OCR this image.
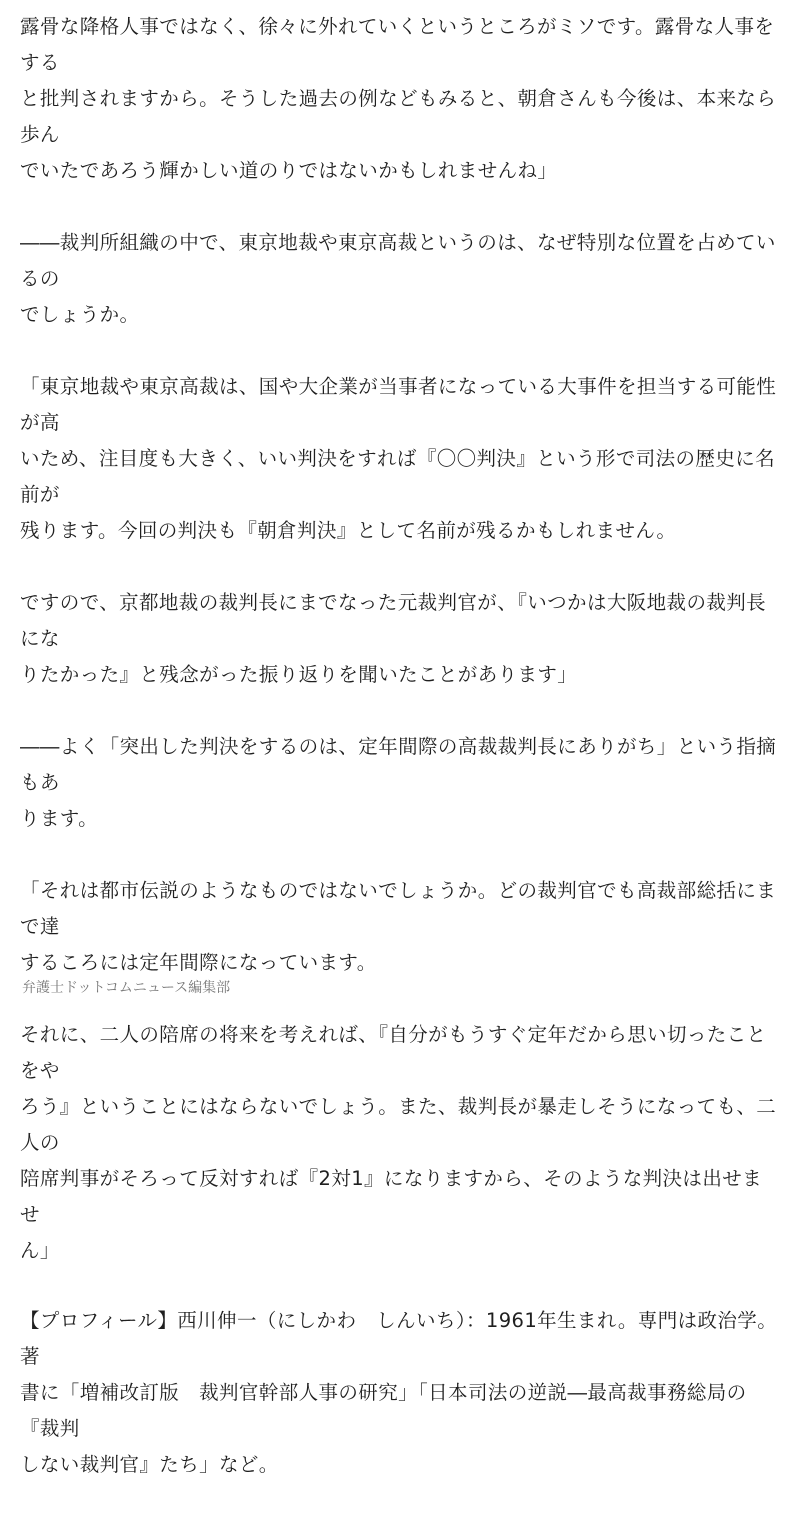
露骨な降格人事ではなく、徐々に外れていくというところがミソです。露骨な人事をする
と批判されますから。そうした過去の例などもみると、朝倉さんも今後は、本来なら歩ん
でいたであろう輝かしい道のりではないかもしれませんね」

――裁判所組織の中で、東京地裁や東京高裁というのは、なぜ特別な位置を占めているの
でしょうか。

「東京地裁や東京高裁は、国や大企業が当事者になっている大事件を担当する可能性が高
いため、注目度も大きく、いい判決をすれば『〇〇判決』という形で司法の歴史に名前が
残ります。今回の判決も『朝倉判決』として名前が残るかもしれません。

ですので、京都地裁の裁判長にまでなった元裁判官が、『いつかは大阪地裁の裁判長にな
りたかった』と残念がった振り返りを聞いたことがあります」

――よく「突出した判決をするのは、定年間際の高裁裁判長にありがち」という指摘もあ
ります。

「それは都市伝説のようなものではないでしょうか。どの裁判官でも高裁部総括にまで達
するころには定年間際になっています。

それに、二人の陪席の将来を考えれば、『自分がもうすぐ定年だから思い切ったことをや
ろう』ということにはならないでしょう。また、裁判長が暴走しそうになっても、二人の
陪席判事がそろって反対すれば『2対1』になりますから、そのような判決は出せませ
ん」

【プロフィール】西川伸一（にしかわ　しんいち）：1961年生まれ。専門は政治学。著
書に「増補改訂版　裁判官幹部人事の研究」「日本司法の逆説―最高裁事務総局の『裁判
しない裁判官』たち」など。

弁護士ドットコムニュース編集部
